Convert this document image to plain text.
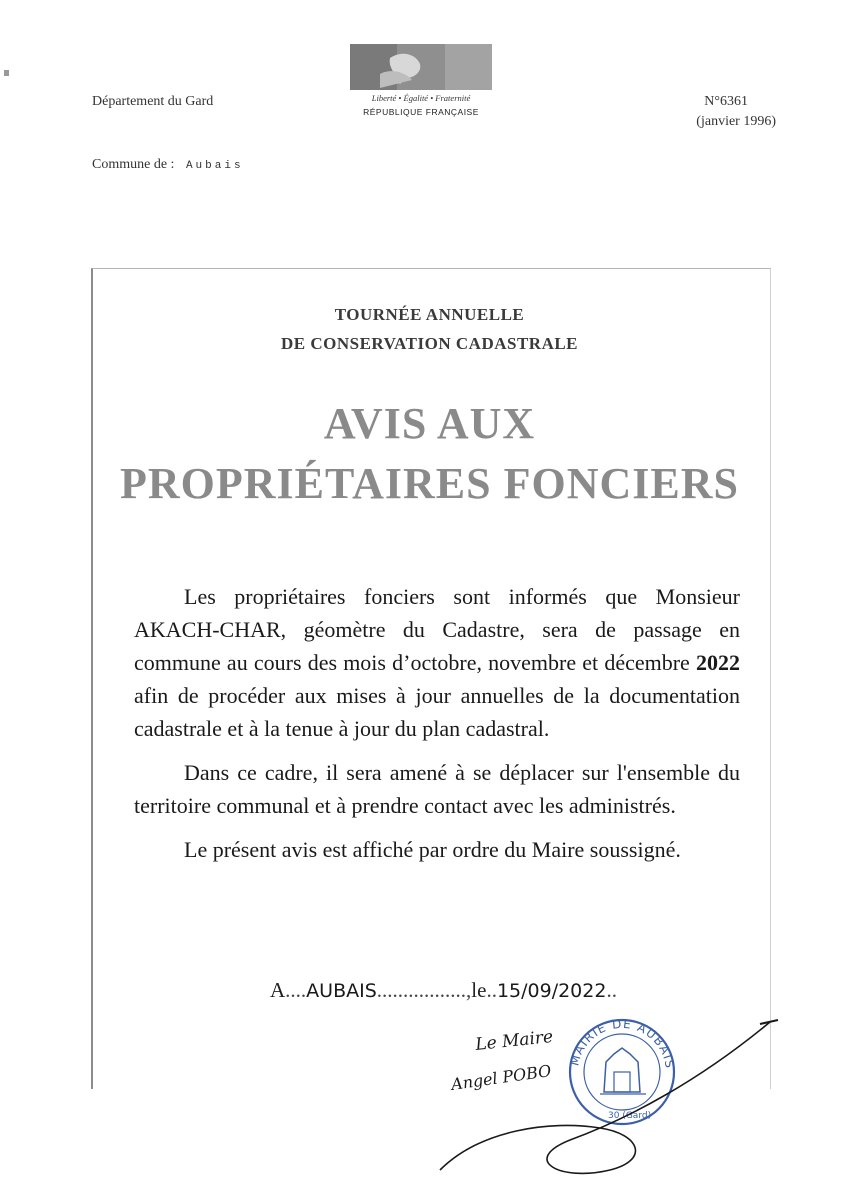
Liberté • Égalité • Fraternité
RÉPUBLIQUE FRANÇAISE
Département du Gard	N°6361
(janvier 1996)
Commune de : Aubais
TOURNÉE ANNUELLE
DE CONSERVATION CADASTRALE
AVIS AUX
PROPRIÉTAIRES FONCIERS

Les propriétaires fonciers sont informés que Monsieur AKACH-CHAR, géomètre du Cadastre, sera de passage en commune au cours des mois d’octobre, novembre et décembre 2022 afin de procéder aux mises à jour annuelles de la documentation cadastrale et à la tenue à jour du plan cadastral.

Dans ce cadre, il sera amené à se déplacer sur l'ensemble du territoire communal et à prendre contact avec les administrés.

Le présent avis est affiché par ordre du Maire soussigné.

A....AUBAIS.................,le..15/09/2022..
MAIRIE DE AUBAIS
30 (Gard)
Le Maire
Angel POBO
